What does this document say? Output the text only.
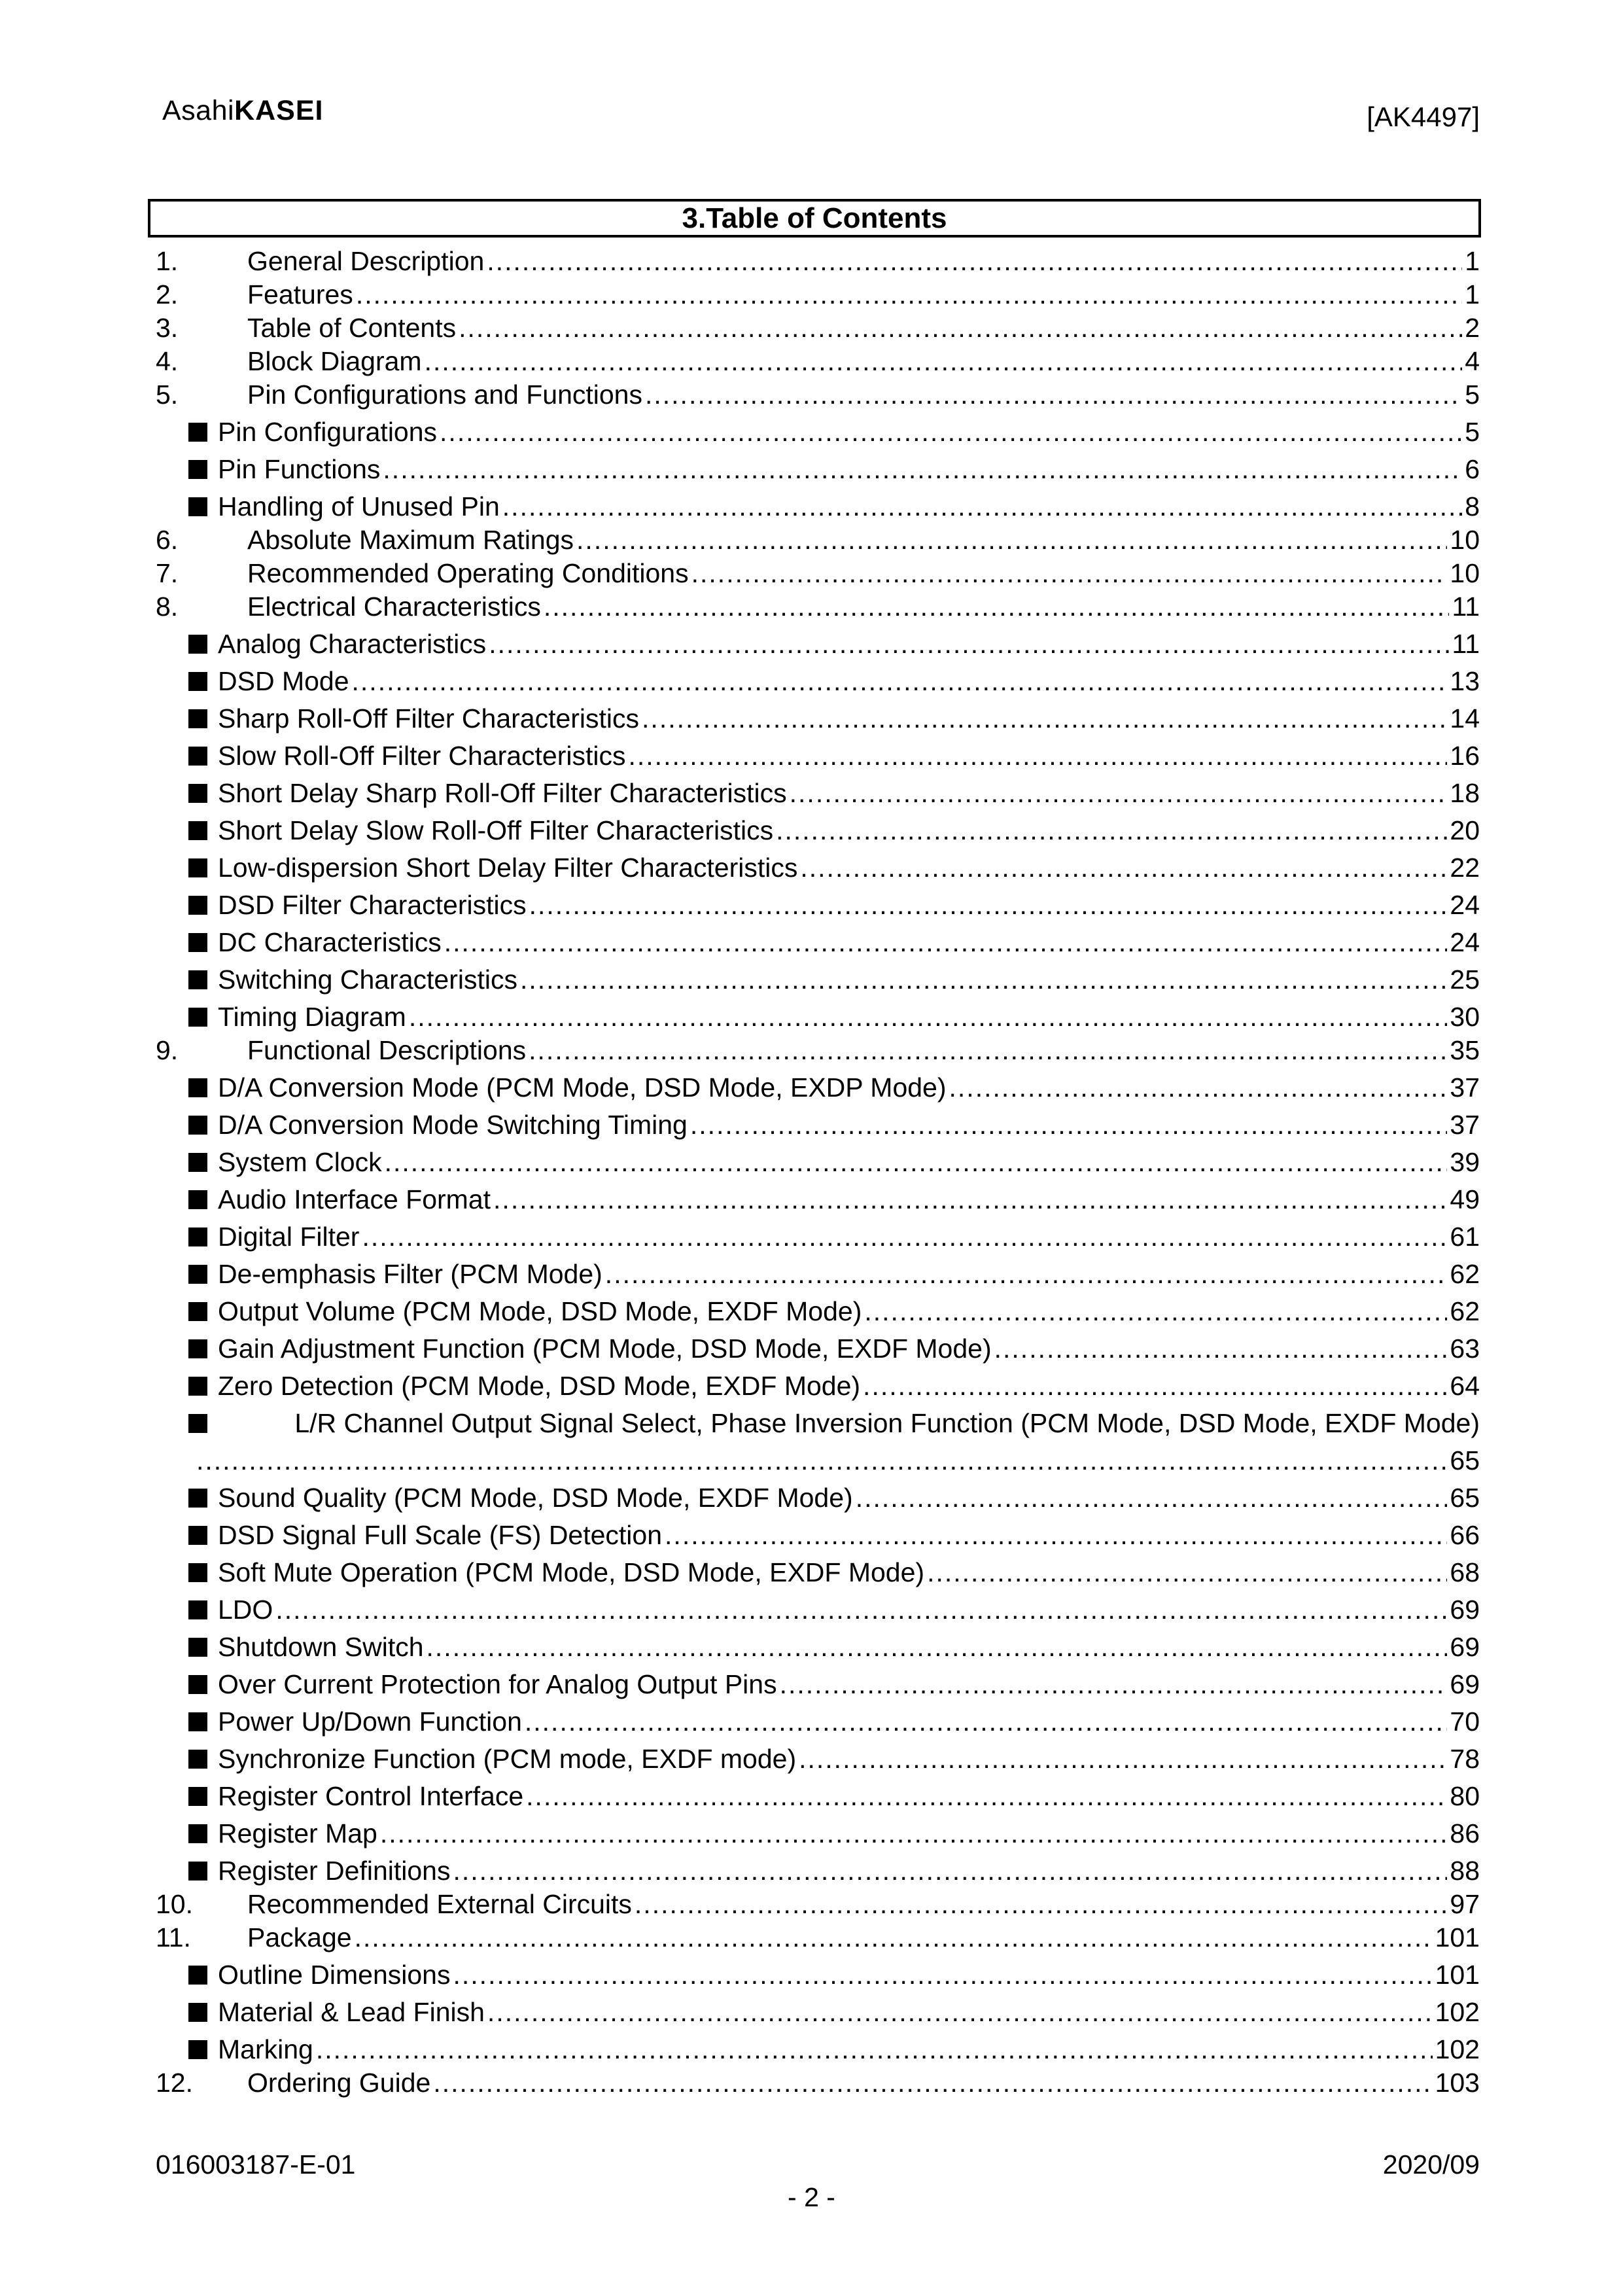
AsahiKASEI	[AK4497]
3.Table of Contents
1.	General Description .....	1
2.	Features .....	1
3.	Table of Contents .....	2
4.	Block Diagram .....	4
5.	Pin Configurations and Functions .....	5
Pin Configurations .....	5
Pin Functions .....	6
Handling of Unused Pin .....	8
6.	Absolute Maximum Ratings .....	10
7.	Recommended Operating Conditions .....	10
8.	Electrical Characteristics .....	11
Analog Characteristics .....	11
DSD Mode .....	13
Sharp Roll-Off Filter Characteristics .....	14
Slow Roll-Off Filter Characteristics .....	16
Short Delay Sharp Roll-Off Filter Characteristics .....	18
Short Delay Slow Roll-Off Filter Characteristics .....	20
Low-dispersion Short Delay Filter Characteristics .....	22
DSD Filter Characteristics .....	24
DC Characteristics .....	24
Switching Characteristics .....	25
Timing Diagram .....	30
9.	Functional Descriptions .....	35
D/A Conversion Mode (PCM Mode, DSD Mode, EXDP Mode) .....	37
D/A Conversion Mode Switching Timing .....	37
System Clock .....	39
Audio Interface Format .....	49
Digital Filter .....	61
De-emphasis Filter (PCM Mode) .....	62
Output Volume (PCM Mode, DSD Mode, EXDF Mode) .....	62
Gain Adjustment Function (PCM Mode, DSD Mode, EXDF Mode) .....	63
Zero Detection (PCM Mode, DSD Mode, EXDF Mode) .....	64
L/R Channel Output Signal Select, Phase Inversion Function (PCM Mode, DSD Mode, EXDF Mode)
.....
65
Sound Quality (PCM Mode, DSD Mode, EXDF Mode) .....	65
DSD Signal Full Scale (FS) Detection .....	66
Soft Mute Operation (PCM Mode, DSD Mode, EXDF Mode) .....	68
LDO .....	69
Shutdown Switch .....	69
Over Current Protection for Analog Output Pins .....	69
Power Up/Down Function .....	70
Synchronize Function (PCM mode, EXDF mode) .....	78
Register Control Interface .....	80
Register Map .....	86
Register Definitions .....	88
10.	Recommended External Circuits .....	97
11.	Package .....	101
Outline Dimensions .....	101
Material & Lead Finish .....	102
Marking .....	102
12.	Ordering Guide .....	103
016003187-E-01	2020/09
- 2 -
